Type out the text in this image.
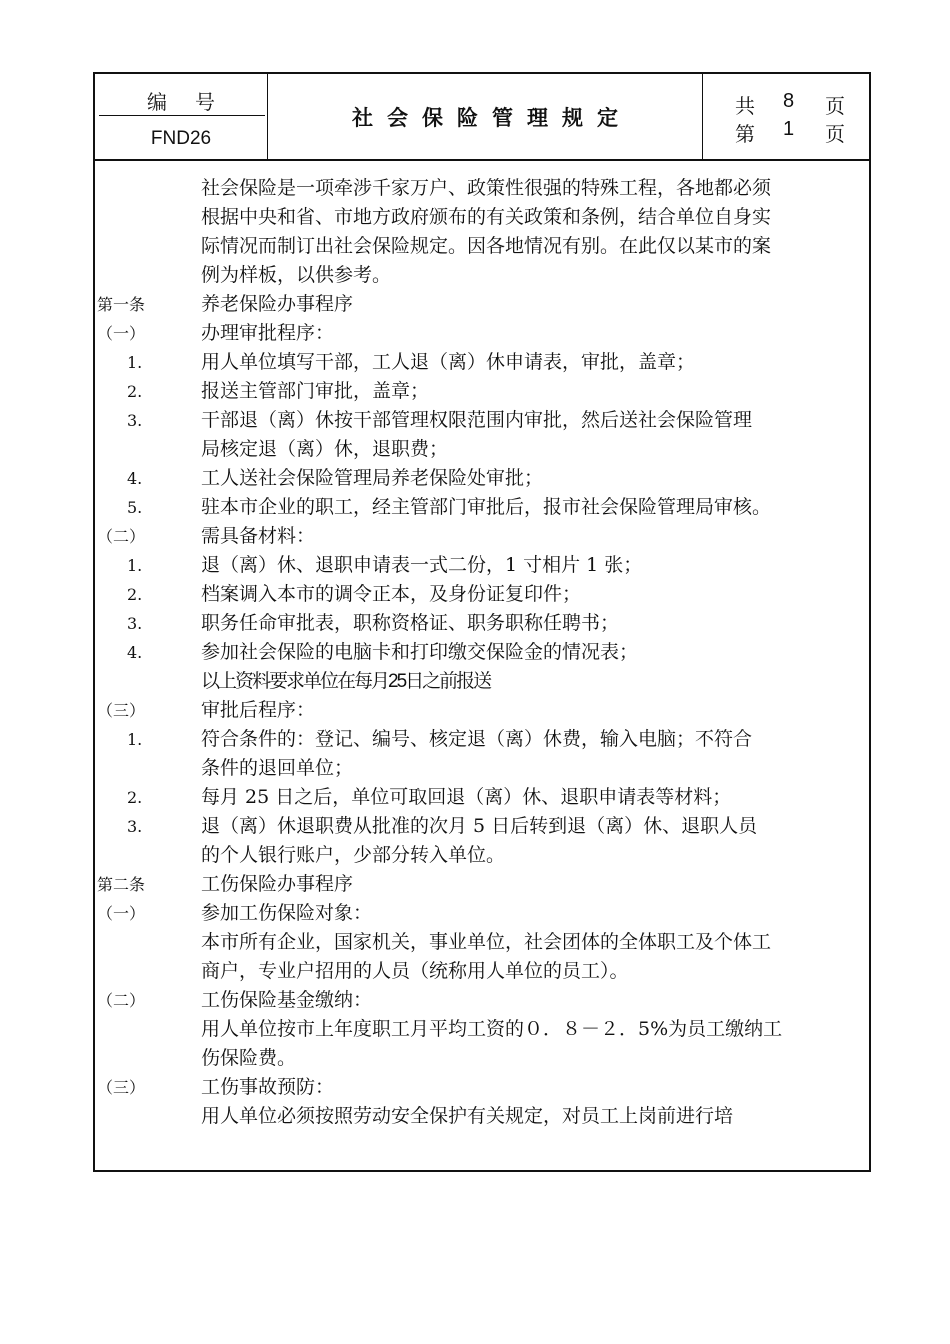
编号
FND26
社会保险管理规定	共 8 页
第 1 页
社会保险是一项牵涉千家万户、政策性很强的特殊工程，各地都必须
根据中央和省、市地方政府颁布的有关政策和条例，结合单位自身实
际情况而制订出社会保险规定。因各地情况有别。在此仅以某市的案
例为样板，以供参考。
第一条	养老保险办事程序
（一）	办理审批程序：
1.	用人单位填写干部，工人退（离）休申请表，审批，盖章；
2.	报送主管部门审批，盖章；
3.	干部退（离）休按干部管理权限范围内审批，然后送社会保险管理
局核定退（离）休，退职费；
4.	工人送社会保险管理局养老保险处审批；
5.	驻本市企业的职工，经主管部门审批后，报市社会保险管理局审核。
（二）	需具备材料：
1.	退（离）休、退职申请表一式二份，1 寸相片 1 张；
2.	档案调入本市的调令正本，及身份证复印件；
3.	职务任命审批表，职称资格证、职务职称任聘书；
4.	参加社会保险的电脑卡和打印缴交保险金的情况表；
以上资料要求单位在每月25日之前报送
（三）	审批后程序：
1.	符合条件的：登记、编号、核定退（离）休费，输入电脑；不符合
条件的退回单位；
2.	每月 25 日之后，单位可取回退（离）休、退职申请表等材料；
3.	退（离）休退职费从批准的次月 5 日后转到退（离）休、退职人员
的个人银行账户，少部分转入单位。
第二条	工伤保险办事程序
（一）	参加工伤保险对象：
本市所有企业，国家机关，事业单位，社会团体的全体职工及个体工
商户，专业户招用的人员（统称用人单位的员工）。
（二）	工伤保险基金缴纳：
用人单位按市上年度职工月平均工资的０．８－２．5%为员工缴纳工
伤保险费。
（三）	工伤事故预防：
用人单位必须按照劳动安全保护有关规定，对员工上岗前进行培
